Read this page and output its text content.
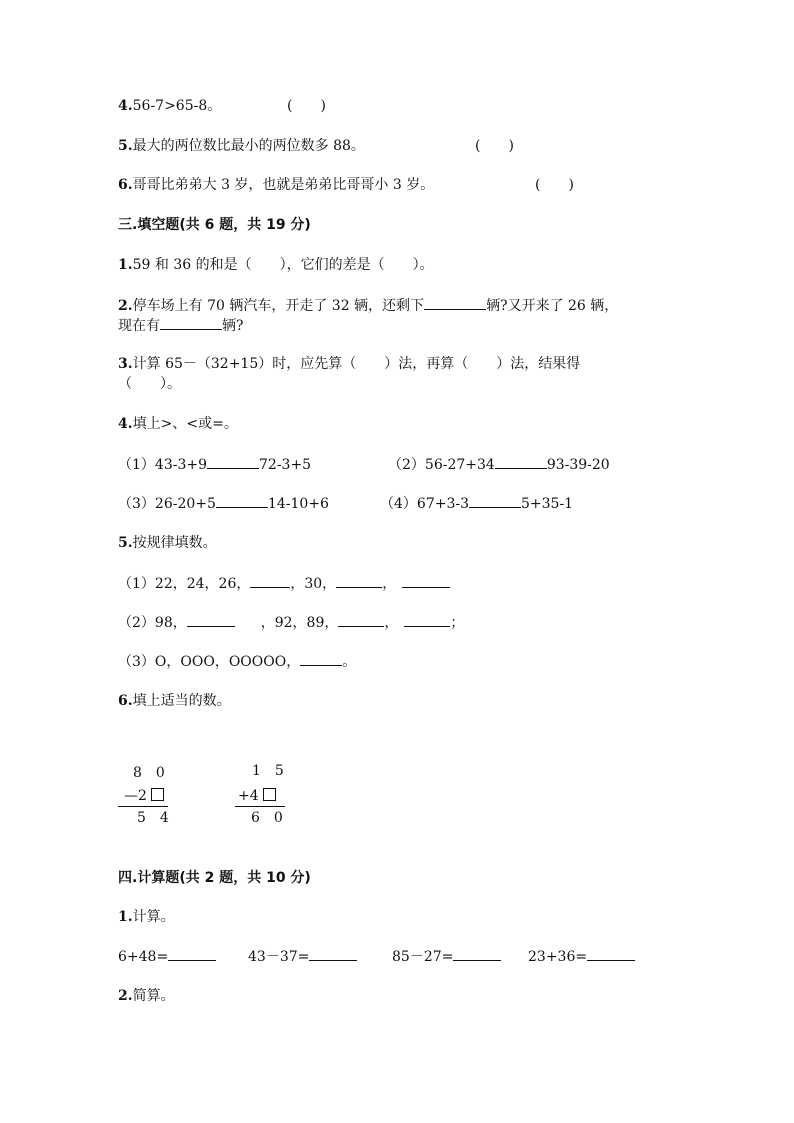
4.56-7>65-8。	(　　)
5.最大的两位数比最小的两位数多 88。	(　　)
6.哥哥比弟弟大 3 岁，也就是弟弟比哥哥小 3 岁。	(　　)
三.填空题(共 6 题，共 19 分)
1.59 和 36 的和是（　　），它们的差是（　　）。
2.停车场上有 70 辆汽车，开走了 32 辆，还剩下	辆?又开来了 26 辆，
现在有	辆?
3.计算 65－（32+15）时，应先算（　　）法，再算（　　）法，结果得
（　　）。
4.填上>、<或=。
（1）43-3+9	72-3+5	（2）56-27+34	93-39-20
（3）26-20+5	14-10+6	（4）67+3-3	5+35-1
5.按规律填数。
（1）22，24，26，	，30，	，
（2）98，	，92，89，	，	；
（3）O，OOO，OOOOO，	。
6.填上适当的数。
8　0
—2
5　4
1　5
+4
6　0
四.计算题(共 2 题，共 10 分)
1.计算。
6+48=	43－37=	85－27=	23+36=
2.简算。
